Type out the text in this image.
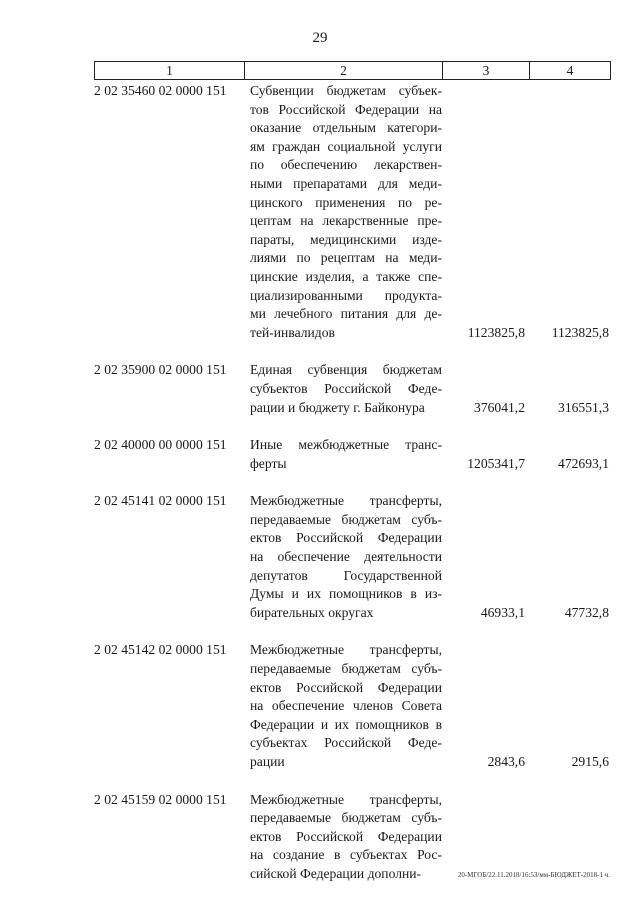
29
1	2	3	4
2 02 35460 02 0000 151	Субвенции бюджетам субъек-
тов Российской Федерации на
оказание отдельным категори-
ям граждан социальной услуги
по обеспечению лекарствен-
ными препаратами для меди-
цинского применения по ре-
цептам на лекарственные пре-
параты, медицинскими изде-
лиями по рецептам на меди-
цинские изделия, а также спе-
циализированными продукта-
ми лечебного питания для де-
тей-инвалидов	1123825,8	1123825,8
2 02 35900 02 0000 151	Единая субвенция бюджетам
субъектов Российской Феде-
рации и бюджету г. Байконура	376041,2	316551,3
2 02 40000 00 0000 151	Иные межбюджетные транс-
ферты	1205341,7	472693,1
2 02 45141 02 0000 151	Межбюджетные трансферты,
передаваемые бюджетам субъ-
ектов Российской Федерации
на обеспечение деятельности
депутатов Государственной
Думы и их помощников в из-
бирательных округах	46933,1	47732,8
2 02 45142 02 0000 151	Межбюджетные трансферты,
передаваемые бюджетам субъ-
ектов Российской Федерации
на обеспечение членов Совета
Федерации и их помощников в
субъектах Российской Феде-
рации	2843,6	2915,6
2 02 45159 02 0000 151	Межбюджетные трансферты,
передаваемые бюджетам субъ-
ектов Российской Федерации
на создание в субъектах Рос-
сийской Федерации дополни-	20-МГОБ/22.11.2018/16:53/мм-БЮДЖЕТ-2018-1 ч.
